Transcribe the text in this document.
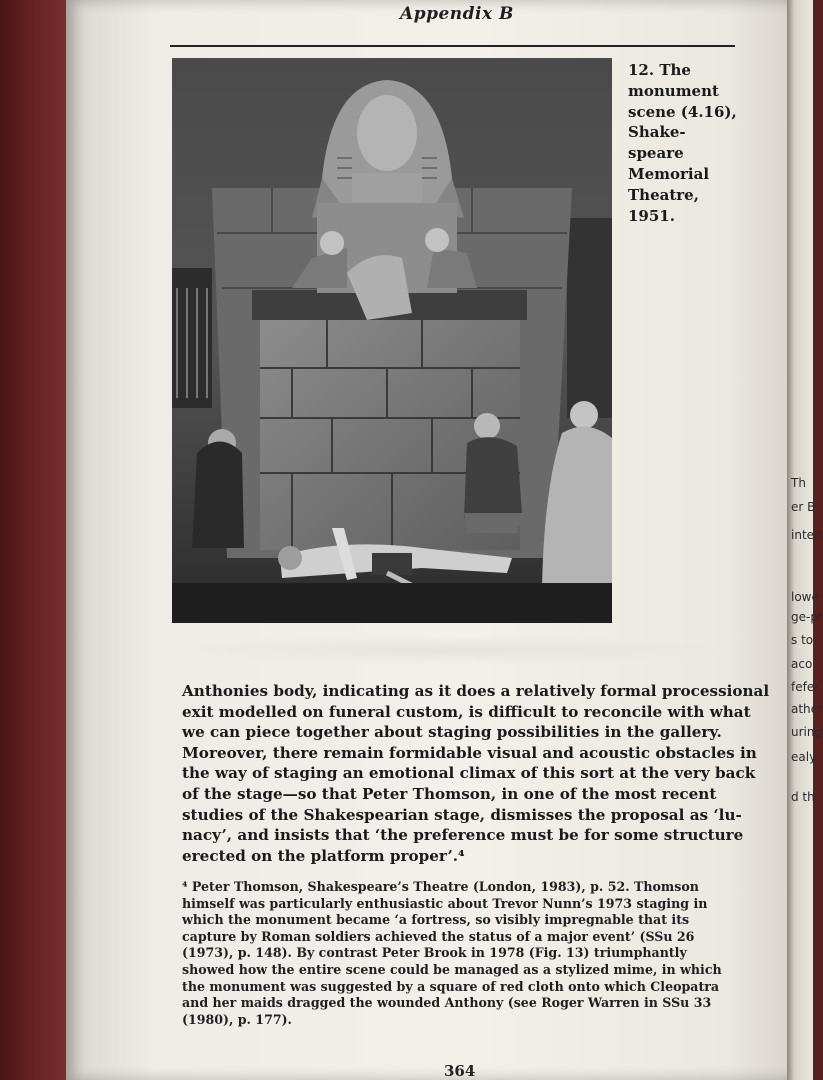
Th
er B
inted
lowe
ge-pr
s to
aco
fefer
ather
uring
ealy
d th
Appendix B
12. The
monument
scene (4.16),
Shake-
speare
Memorial
Theatre,
1951.
Anthonies body, indicating as it does a relatively formal processional
exit modelled on funeral custom, is difficult to reconcile with what
we can piece together about staging possibilities in the gallery.
Moreover, there remain formidable visual and acoustic obstacles in
the way of staging an emotional climax of this sort at the very back
of the stage—so that Peter Thomson, in one of the most recent
studies of the Shakespearian stage, dismisses the proposal as ‘lu-
nacy’, and insists that ‘the preference must be for some structure
erected on the platform proper’.⁴
⁴ Peter Thomson, Shakespeare’s Theatre (London, 1983), p. 52. Thomson
himself was particularly enthusiastic about Trevor Nunn’s 1973 staging in
which the monument became ‘a fortress, so visibly impregnable that its
capture by Roman soldiers achieved the status of a major event’ (SSu 26
(1973), p. 148). By contrast Peter Brook in 1978 (Fig. 13) triumphantly
showed how the entire scene could be managed as a stylized mime, in which
the monument was suggested by a square of red cloth onto which Cleopatra
and her maids dragged the wounded Anthony (see Roger Warren in SSu 33
(1980), p. 177).
364
